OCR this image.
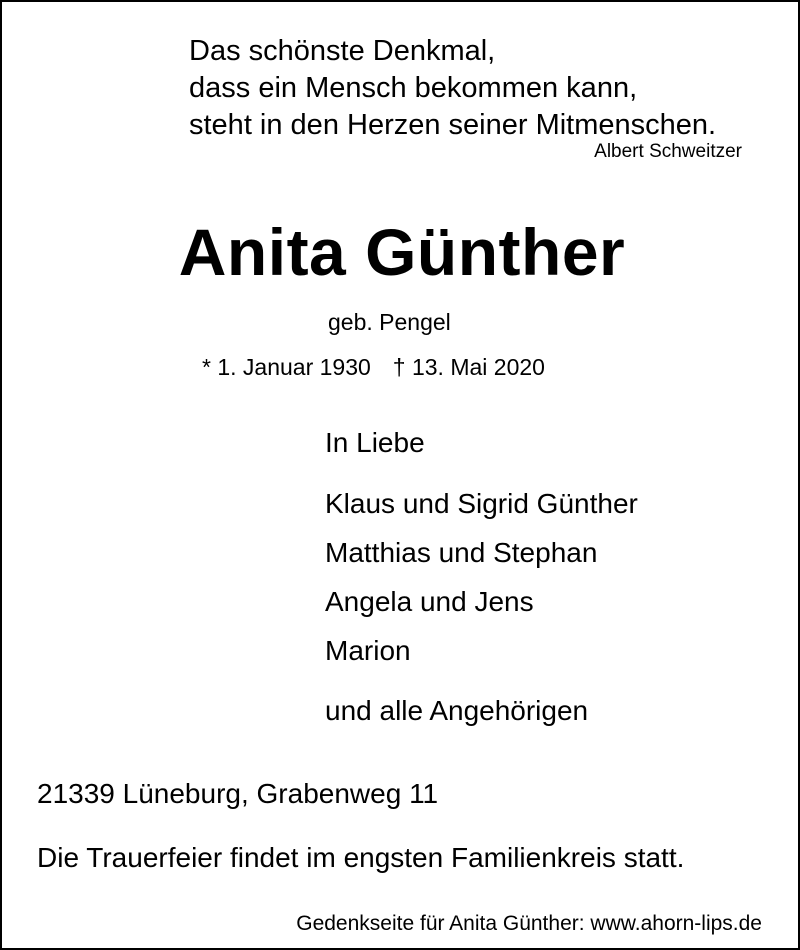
Das schönste Denkmal,
dass ein Mensch bekommen kann,
steht in den Herzen seiner Mitmenschen.
Albert Schweitzer
Anita Günther
geb. Pengel
* 1. Januar 1930 † 13. Mai 2020
In Liebe
Klaus und Sigrid Günther
Matthias und Stephan
Angela und Jens
Marion
und alle Angehörigen
21339 Lüneburg, Grabenweg 11
Die Trauerfeier findet im engsten Familienkreis statt.
Gedenkseite für Anita Günther: www.ahorn-lips.de
